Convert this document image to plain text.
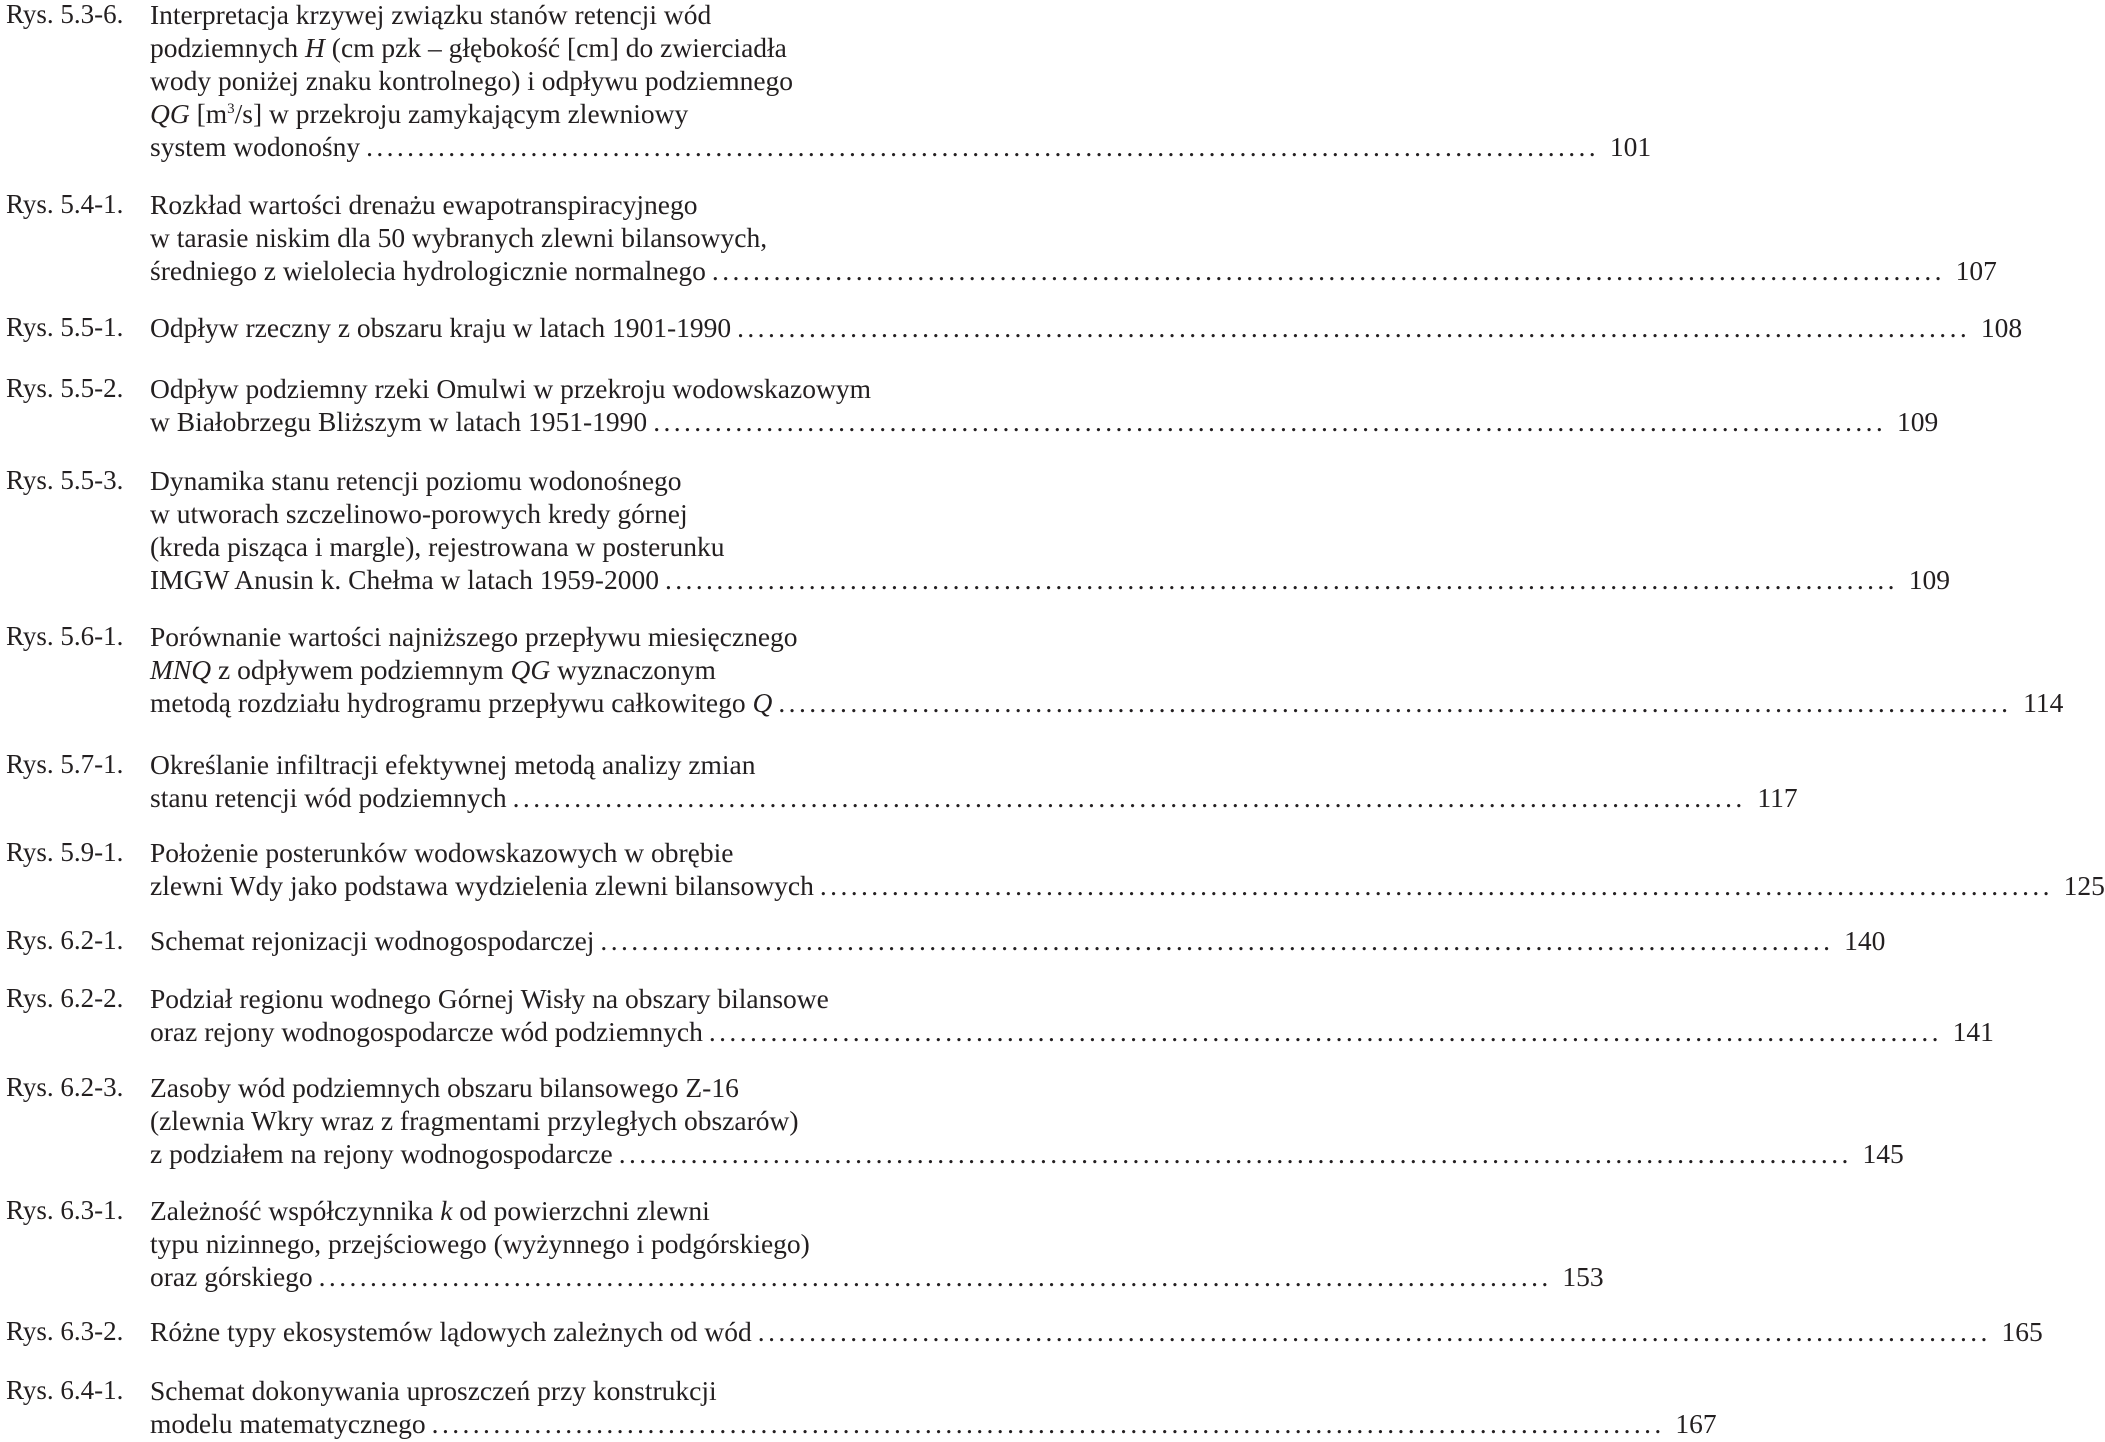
Rys. 5.3-6. Interpretacja krzywej związku stanów retencji wód
podziemnych H (cm pzk – głębokość [cm] do zwierciadła
wody poniżej znaku kontrolnego) i odpływu podziemnego
QG $[m^3/s]$ w przekroju zamykającym zlewniowy
system wodonośny ........................................................................................................................ 101
Rys. 5.4-1. Rozkład wartości drenażu ewapotranspiracyjnego
w tarasie niskim dla 50 wybranych zlewni bilansowych,
średniego z wielolecia hydrologicznie normalnego ........................................................................................................................ 107
Rys. 5.5-1. Odpływ rzeczny z obszaru kraju w latach 1901-1990 ........................................................................................................................ 108
Rys. 5.5-2. Odpływ podziemny rzeki Omulwi w przekroju wodowskazowym
w Białobrzegu Bliższym w latach 1951-1990 ........................................................................................................................ 109
Rys. 5.5-3. Dynamika stanu retencji poziomu wodonośnego
w utworach szczelinowo-porowych kredy górnej
(kreda pisząca i margle), rejestrowana w posterunku
IMGW Anusin k. Chełma w latach 1959-2000 ........................................................................................................................ 109
Rys. 5.6-1. Porównanie wartości najniższego przepływu miesięcznego
MNQ z odpływem podziemnym QG wyznaczonym
metodą rozdziału hydrogramu przepływu całkowitego Q ........................................................................................................................ 114
Rys. 5.7-1. Określanie infiltracji efektywnej metodą analizy zmian
stanu retencji wód podziemnych ........................................................................................................................ 117
Rys. 5.9-1. Położenie posterunków wodowskazowych w obrębie
zlewni Wdy jako podstawa wydzielenia zlewni bilansowych ........................................................................................................................ 125
Rys. 6.2-1. Schemat rejonizacji wodnogospodarczej ........................................................................................................................ 140
Rys. 6.2-2. Podział regionu wodnego Górnej Wisły na obszary bilansowe
oraz rejony wodnogospodarcze wód podziemnych ........................................................................................................................ 141
Rys. 6.2-3. Zasoby wód podziemnych obszaru bilansowego Z-16
(zlewnia Wkry wraz z fragmentami przyległych obszarów)
z podziałem na rejony wodnogospodarcze ........................................................................................................................ 145
Rys. 6.3-1. Zależność współczynnika k od powierzchni zlewni
typu nizinnego, przejściowego (wyżynnego i podgórskiego)
oraz górskiego ........................................................................................................................ 153
Rys. 6.3-2. Różne typy ekosystemów lądowych zależnych od wód ........................................................................................................................ 165
Rys. 6.4-1. Schemat dokonywania uproszczeń przy konstrukcji
modelu matematycznego ........................................................................................................................ 167
